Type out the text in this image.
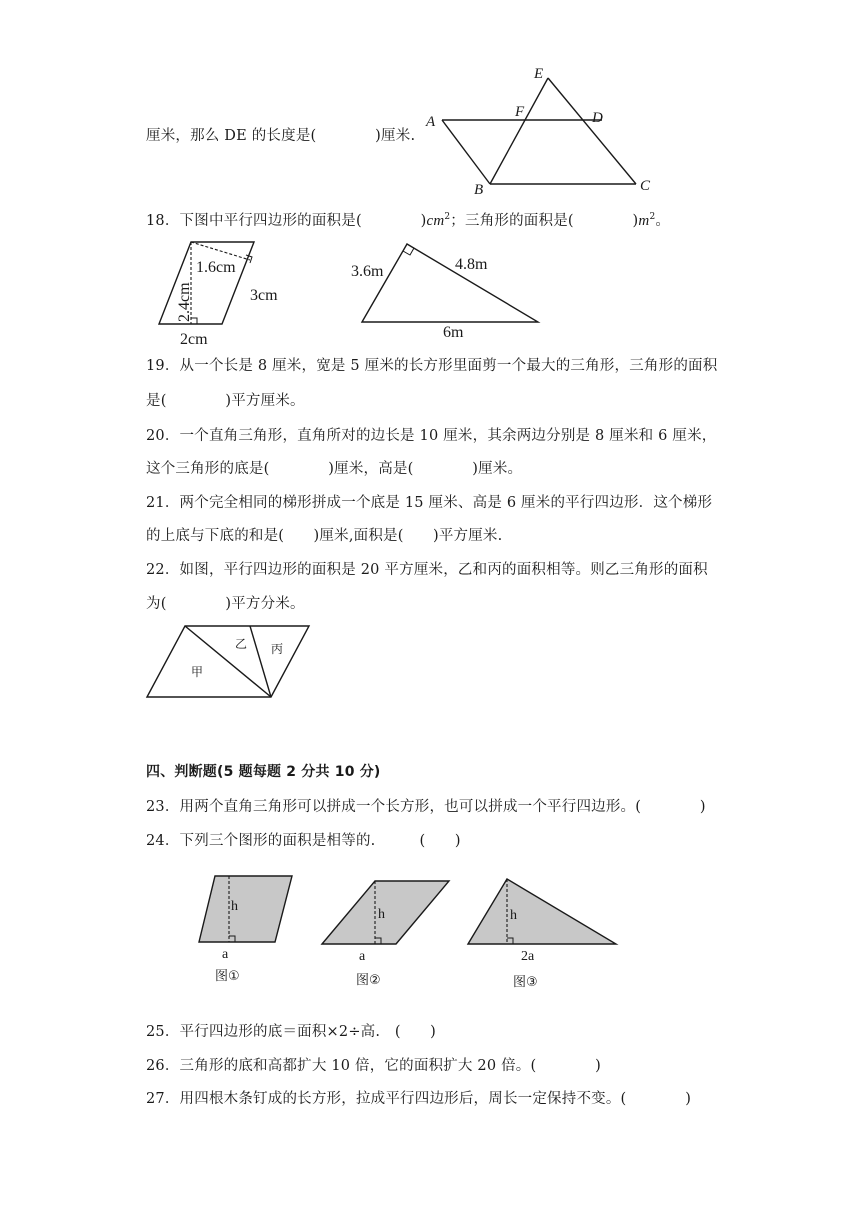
厘米，那么 DE 的长度是(　　　　)厘米.
E
F
A	D
B	C
18．下图中平行四边形的面积是(　　　　)$cm^2$；三角形的面积是(　　　　)$m^2$。
1.6cm
2.4cm	3cm
2cm
3.6m	4.8m
6m
19．从一个长是 8 厘米，宽是 5 厘米的长方形里面剪一个最大的三角形，三角形的面积
是(　　　　)平方厘米。
20．一个直角三角形，直角所对的边长是 10 厘米，其余两边分别是 8 厘米和 6 厘米，
这个三角形的底是(　　　　)厘米，高是(　　　　)厘米。
21．两个完全相同的梯形拼成一个底是 15 厘米、高是 6 厘米的平行四边形．这个梯形
的上底与下底的和是(　　)厘米,面积是(　　)平方厘米.
22．如图，平行四边形的面积是 20 平方厘米，乙和丙的面积相等。则乙三角形的面积
为(　　　　)平方分米。
甲
乙 丙
四、判断题(5 题每题 2 分共 10 分)
23．用两个直角三角形可以拼成一个长方形，也可以拼成一个平行四边形。(　　　　)
24．下列三个图形的面积是相等的.　　　(　　)
h
h	h
a	a	2a
图①	图②	图③
25．平行四边形的底＝面积×2÷高.　(　　)
26．三角形的底和高都扩大 10 倍，它的面积扩大 20 倍。(　　　　)
27．用四根木条钉成的长方形，拉成平行四边形后，周长一定保持不变。(　　　　)
